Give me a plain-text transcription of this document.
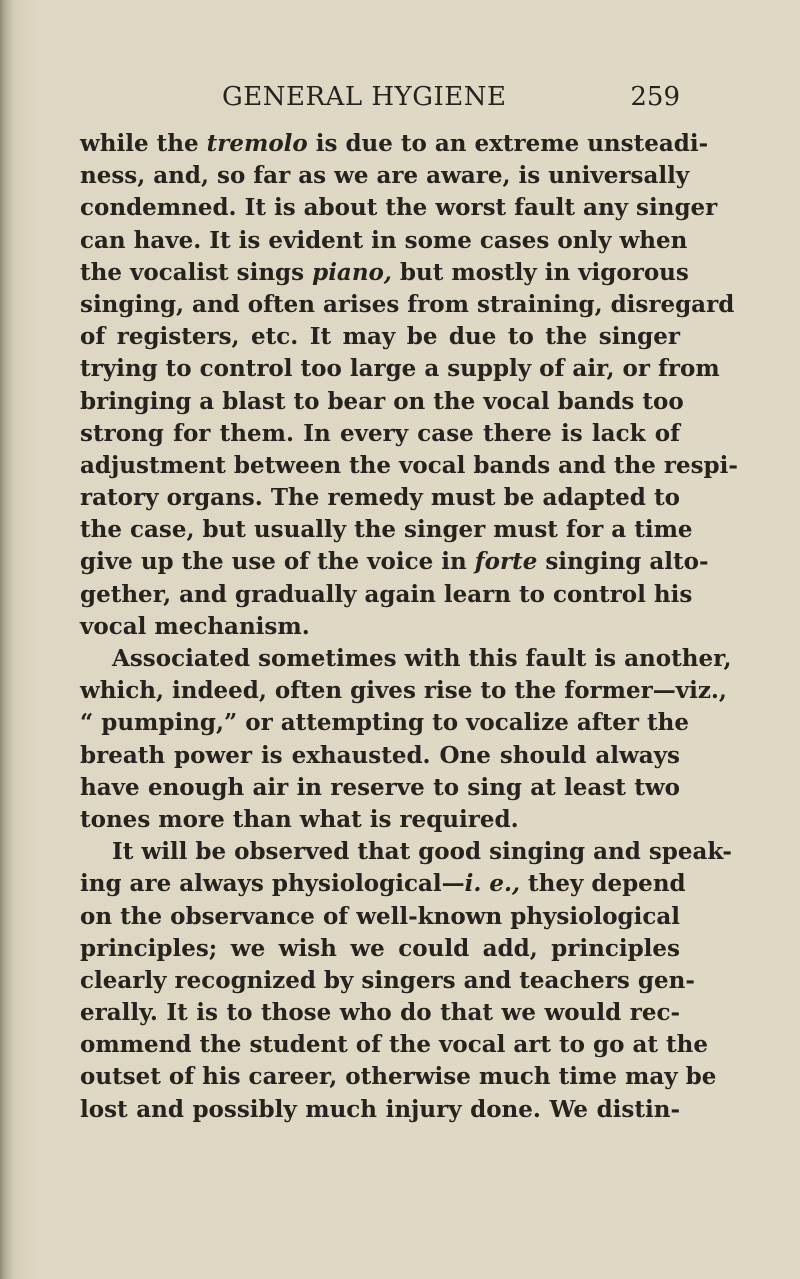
GENERAL HYGIENE	259
while the tremolo is due to an extreme unsteadi-
ness, and, so far as we are aware, is universally
condemned. It is about the worst fault any singer
can have. It is evident in some cases only when
the vocalist sings piano, but mostly in vigorous
singing, and often arises from straining, disregard
of registers, etc. It may be due to the singer
trying to control too large a supply of air, or from
bringing a blast to bear on the vocal bands too
strong for them. In every case there is lack of
adjustment between the vocal bands and the respi-
ratory organs. The remedy must be adapted to
the case, but usually the singer must for a time
give up the use of the voice in forte singing alto-
gether, and gradually again learn to control his
vocal mechanism.
Associated sometimes with this fault is another,
which, indeed, often gives rise to the former—viz.,
“ pumping,” or attempting to vocalize after the
breath power is exhausted. One should always
have enough air in reserve to sing at least two
tones more than what is required.
It will be observed that good singing and speak-
ing are always physiological—i. e., they depend
on the observance of well-known physiological
principles; we wish we could add, principles
clearly recognized by singers and teachers gen-
erally. It is to those who do that we would rec-
ommend the student of the vocal art to go at the
outset of his career, otherwise much time may be
lost and possibly much injury done. We distin-
